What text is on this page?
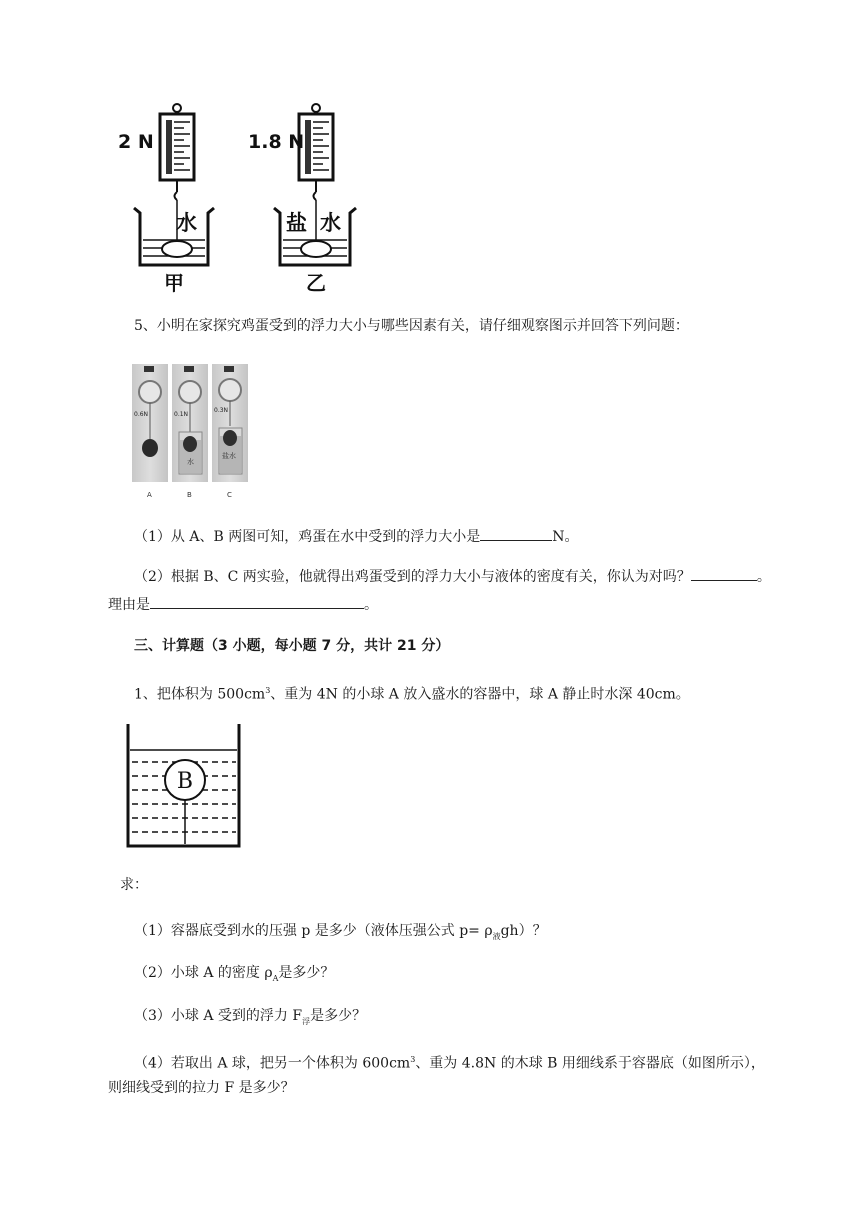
2 N
水
甲
1.8 N
盐 水
乙
5、小明在家探究鸡蛋受到的浮力大小与哪些因素有关，请仔细观察图示并回答下列问题：
0.6N
水
0.1N
盐水
0.3N
A	B	C
（1）从 A、B 两图可知，鸡蛋在水中受到的浮力大小是	N。
（2）根据 B、C 两实验，他就得出鸡蛋受到的浮力大小与液体的密度有关，你认为对吗？	。
理由是	。
三、计算题（3 小题，每小题 7 分，共计 21 分）
1、把体积为 $500cm^3$、重为 4N 的小球 A 放入盛水的容器中，球 A 静止时水深 40cm。
B
求：
（1）容器底受到水的压强 p 是多少（液体压强公式 $p= \rho_液gh$）？
（2）小球 A 的密度 $\rho_A$是多少？
（3）小球 A 受到的浮力 $F_浮$是多少？
（4）若取出 A 球，把另一个体积为 $600cm^3$、重为 4.8N 的木球 B 用细线系于容器底（如图所示），
则细线受到的拉力 F 是多少？
